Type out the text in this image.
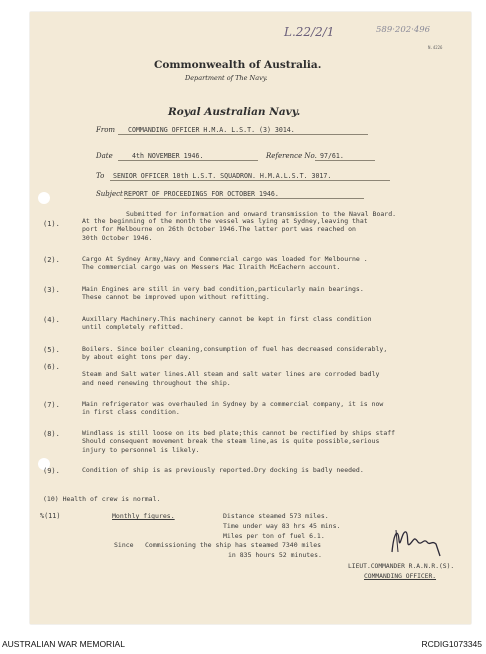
L.22/2/1	589·202·496
N.4226
Commonwealth of Australia.
Department of The Navy.
Royal Australian Navy.
From COMMANDING OFFICER H.M.A. L.S.T. (3) 3014.
Date	4th NOVEMBER 1946.	Reference No. 97/61.
To SENIOR OFFICER 10th L.S.T. SQUADRON. H.M.A.L.S.T. 3017.
Subject REPORT OF PROCEEDINGS FOR OCTOBER 1946.
Submitted for information and onward transmission to the Naval Board.
(1).	At the beginning of the month the vessel was lying at Sydney,leaving that
port for Melbourne on 26th October 1946.The latter port was reached on
30th October 1946.
(2).	Cargo At Sydney Army,Navy and Commercial cargo was loaded for Melbourne .
The commercial cargo was on Messers Mac Ilraith McEachern account.
(3).	Main Engines are still in very bad condition,particularly main bearings.
These cannot be improved upon without refitting.
(4).	Auxillary Machinery.This machinery cannot be kept in first class condition
until completely refitted.
(5).
(6).
Boilers. Since boiler cleaning,consumption of fuel has decreased considerably,
by about eight tons per day.

Steam and Salt water lines.All steam and salt water lines are corroded badly
and need renewing throughout the ship.
(7).	Main refrigerator was overhauled in Sydney by a commercial company, it is now
in first class condition.
(8).	Windlass is still loose on its bed plate;this cannot be rectified by ships staff
Should consequent movement break the steam line,as is quite possible,serious
injury to personnel is likely.
(9).	Condition of ship is as previously reported.Dry docking is badly needed.
(10) Health of crew is normal.
%(11)	Monthly figures.	Distance steamed 573 miles.
Time under way 83 hrs 45 mins.
Miles per ton of fuel 6.1.
Since Commissioning the ship has steamed 7340 miles
in 835 hours 52 minutes.
LIEUT.COMMANDER R.A.N.R.(S).
COMMANDING OFFICER.
AUSTRALIAN WAR MEMORIAL	RCDIG1073345
